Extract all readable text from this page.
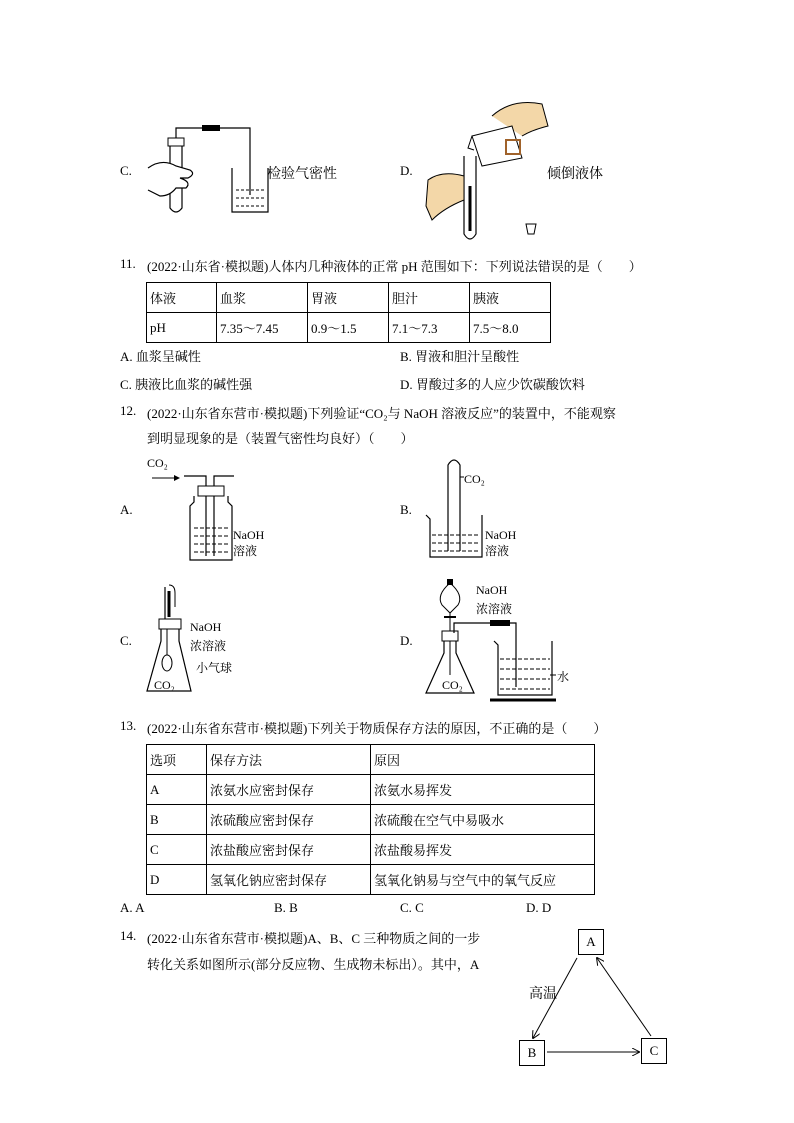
C.	检验气密性	D.	倾倒液体
11. (2022·山东省·模拟题)人体内几种液体的正常 pH 范围如下：下列说法错误的是（　　）
体液	血浆	胃液	胆汁	胰液
pH	7.35～7.45	0.9～1.5	7.1～7.3	7.5～8.0
A. 血浆呈碱性	B. 胃液和胆汁呈酸性
C. 胰液比血浆的碱性强	D. 胃酸过多的人应少饮碳酸饮料
12. (2022·山东省东营市·模拟题)下列验证“CO₂与 NaOH 溶液反应”的装置中，不能观察
到明显现象的是（装置气密性均良好）（　　）
A.
CO₂
NaOH
溶液
B.
CO₂
NaOH
溶液
C.
NaOH
浓溶液
小气球
CO₂
D.
NaOH
浓溶液
CO₂
水
13. (2022·山东省东营市·模拟题)下列关于物质保存方法的原因，不正确的是（　　）
选项	保存方法	原因
A	浓氨水应密封保存	浓氨水易挥发
B	浓硫酸应密封保存	浓硫酸在空气中易吸水
C	浓盐酸应密封保存	浓盐酸易挥发
D	氢氧化钠应密封保存	氢氧化钠易与空气中的氧气反应
A. A	B. B	C. C	D. D
14. (2022·山东省东营市·模拟题)A、B、C 三种物质之间的一步
转化关系如图所示(部分反应物、生成物未标出）。其中，A
A
B	C
高温
